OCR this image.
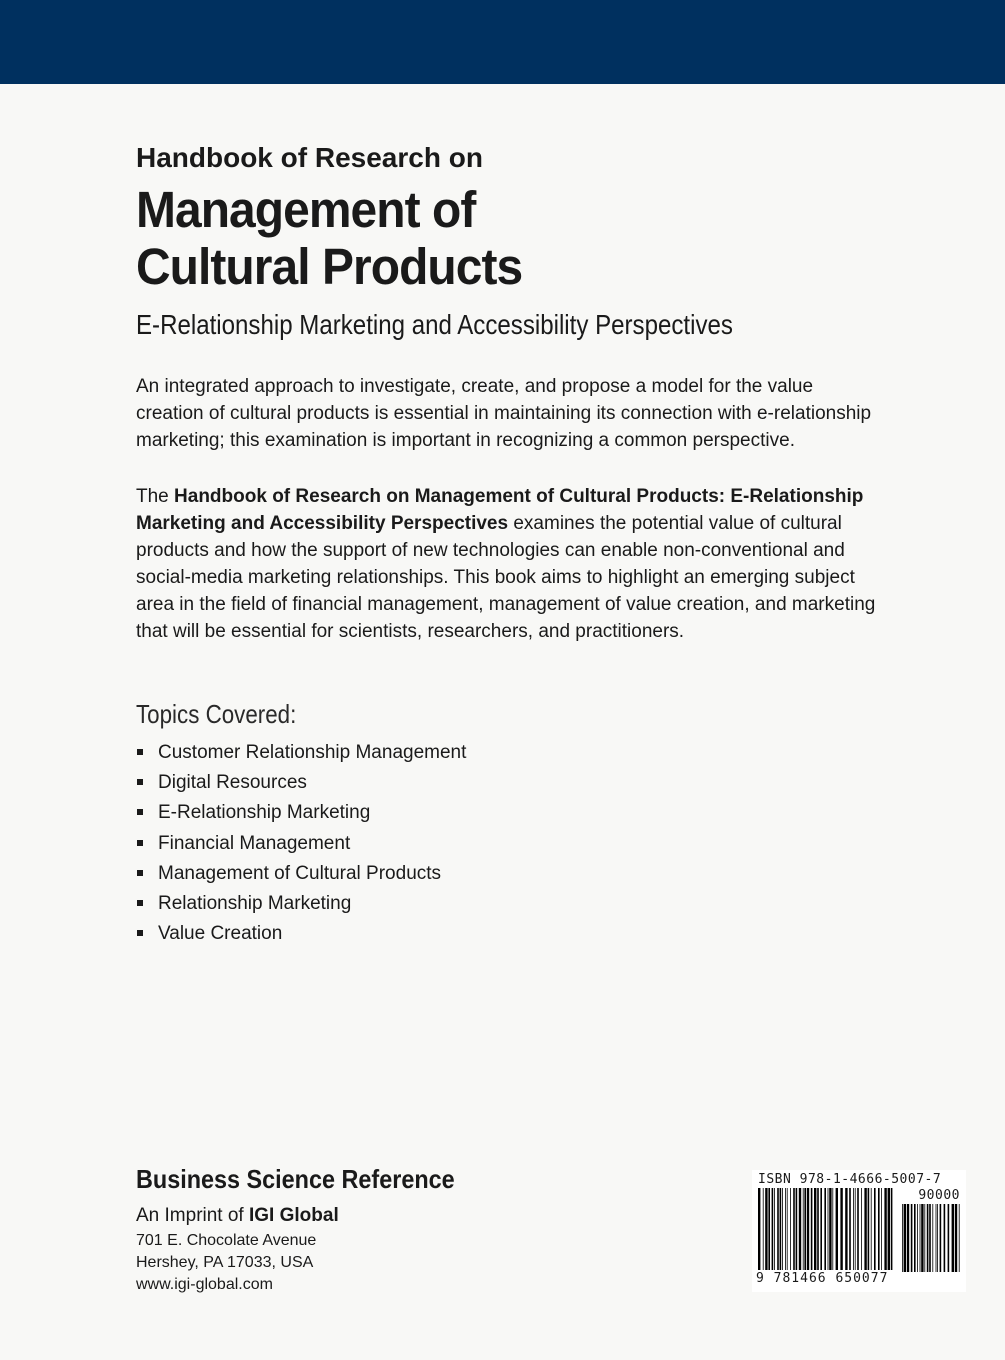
Handbook of Research on
Management of
Cultural Products
E-Relationship Marketing and Accessibility Perspectives

An integrated approach to investigate, create, and propose a model for the value creation of cultural products is essential in maintaining its connection with e-relationship marketing; this examination is important in recognizing a common perspective.

The Handbook of Research on Management of Cultural Products: E-Relationship Marketing and Accessibility Perspectives examines the potential value of cultural products and how the support of new technologies can enable non-conventional and social-media marketing relationships. This book aims to highlight an emerging subject area in the field of financial management, management of value creation, and marketing that will be essential for scientists, researchers, and practitioners.

Topics Covered:
Customer Relationship Management
Digital Resources
E-Relationship Marketing
Financial Management
Management of Cultural Products
Relationship Marketing
Value Creation
Business Science Reference
An Imprint of IGI Global
701 E. Chocolate Avenue
Hershey, PA 17033, USA
www.igi-global.com
ISBN 978-1-4666-5007-7
90000
9 781466 650077
